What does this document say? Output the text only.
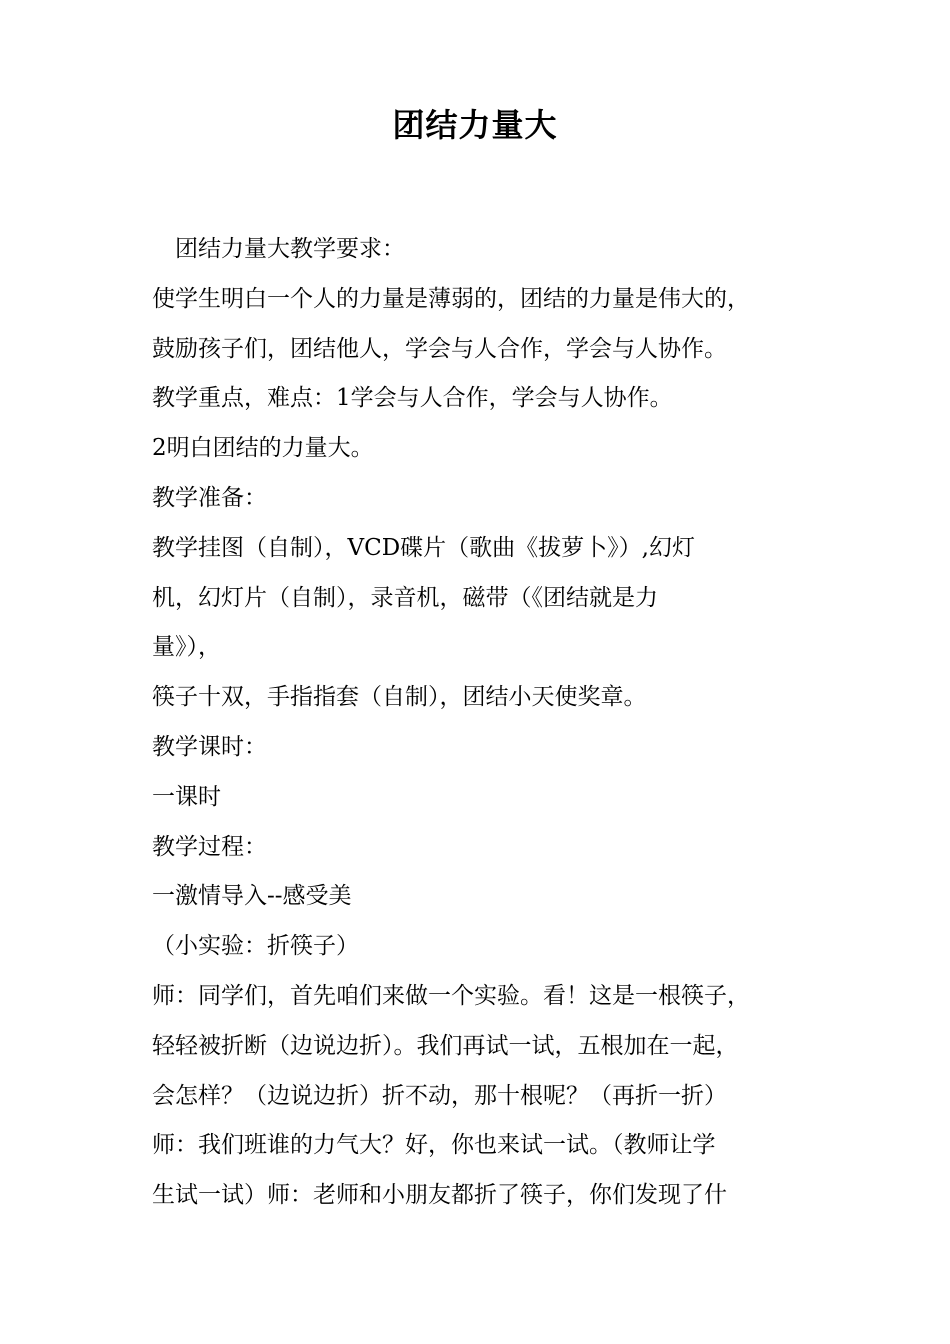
团结力量大
　团结力量大教学要求：
使学生明白一个人的力量是薄弱的，团结的力量是伟大的，
鼓励孩子们，团结他人，学会与人合作，学会与人协作。
教学重点，难点：1学会与人合作，学会与人协作。
2明白团结的力量大。
教学准备：
教学挂图（自制），VCD碟片（歌曲《拔萝卜》）,幻灯
机，幻灯片（自制），录音机，磁带（《团结就是力
量》），
筷子十双，手指指套（自制），团结小天使奖章。
教学课时：
一课时
教学过程：
一激情导入--感受美
（小实验：折筷子）
师：同学们，首先咱们来做一个实验。看！这是一根筷子，
轻轻被折断（边说边折）。我们再试一试，五根加在一起，
会怎样？（边说边折）折不动，那十根呢？（再折一折）
师：我们班谁的力气大？好，你也来试一试。（教师让学
生试一试）师：老师和小朋友都折了筷子，你们发现了什
